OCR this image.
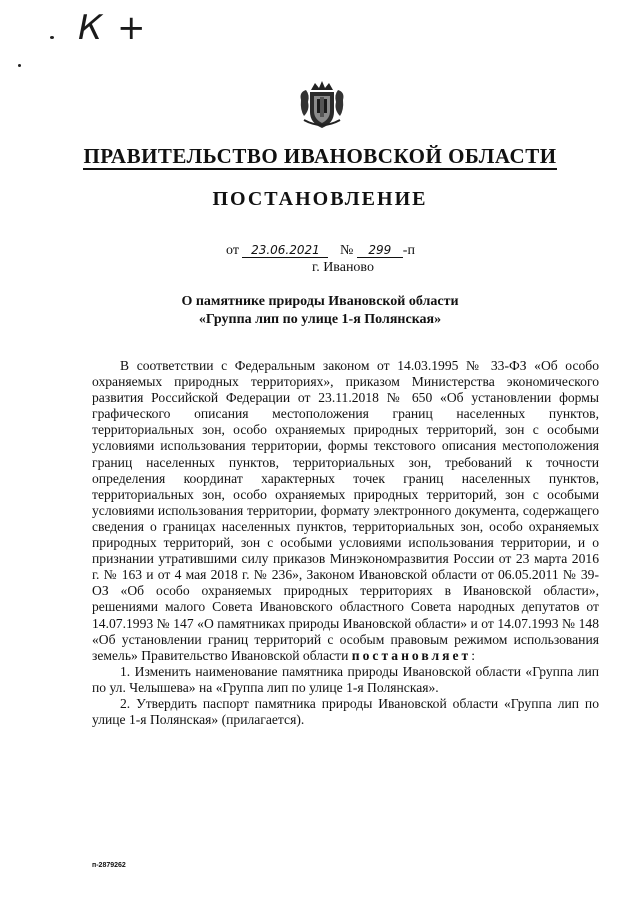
К +
ПРАВИТЕЛЬСТВО ИВАНОВСКОЙ ОБЛАСТИ
ПОСТАНОВЛЕНИЕ
от 23.06.2021 № 299 -п
г. Иваново
О памятнике природы Ивановской области
«Группа лип по улице 1-я Полянская»

В соответствии с Федеральным законом от 14.03.1995 № 33-ФЗ «Об особо охраняемых природных территориях», приказом Министерства экономического развития Российской Федерации от 23.11.2018 № 650 «Об установлении формы графического описания местоположения границ населенных пунктов, территориальных зон, особо охраняемых природных территорий, зон с особыми условиями использования территории, формы текстового описания местоположения границ населенных пунктов, территориальных зон, требований к точности определения координат характерных точек границ населенных пунктов, территориальных зон, особо охраняемых природных территорий, зон с особыми условиями использования территории, формату электронного документа, содержащего сведения о границах населенных пунктов, территориальных зон, особо охраняемых природных территорий, зон с особыми условиями использования территории, и о признании утратившими силу приказов Минэкономразвития России от 23 марта 2016 г. № 163 и от 4 мая 2018 г. № 236», Законом Ивановской области от 06.05.2011 № 39-ОЗ «Об особо охраняемых природных территориях в Ивановской области», решениями малого Совета Ивановского областного Совета народных депутатов от 14.07.1993 № 147 «О памятниках природы Ивановской области» и от 14.07.1993 № 148 «Об установлении границ территорий с особым правовым режимом использования земель» Правительство Ивановской области постановляет:

1. Изменить наименование памятника природы Ивановской области «Группа лип по ул. Челышева» на «Группа лип по улице 1-я Полянская».

2. Утвердить паспорт памятника природы Ивановской области «Группа лип по улице 1-я Полянская» (прилагается).

п-2879262
